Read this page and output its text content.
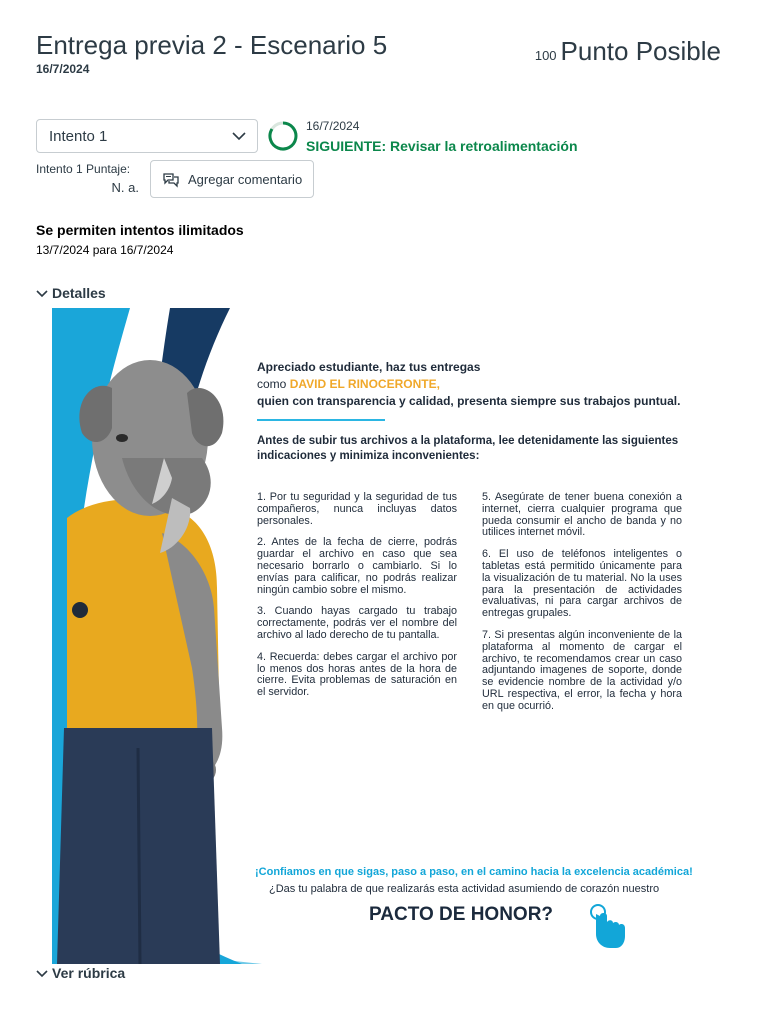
Entrega previa 2 - Escenario 5
16/7/2024
100 Punto Posible
Intento 1
16/7/2024
SIGUIENTE: Revisar la retroalimentación
Intento 1 Puntaje:
N. a.
Agregar comentario
Se permiten intentos ilimitados
13/7/2024 para 16/7/2024
Detalles
Apreciado estudiante, haz tus entregas
como DAVID EL RINOCERONTE,
quien con transparencia y calidad, presenta siempre sus trabajos puntual.
Antes de subir tus archivos a la plataforma, lee detenidamente las siguientes indicaciones y minimiza inconvenientes:

1. Por tu seguridad y la seguridad de tus compañeros, nunca incluyas datos personales.

2. Antes de la fecha de cierre, podrás guardar el archivo en caso que sea necesario borrarlo o cambiarlo. Si lo envías para calificar, no podrás realizar ningún cambio sobre el mismo.

3. Cuando hayas cargado tu trabajo correctamente, podrás ver el nombre del archivo al lado derecho de tu pantalla.

4. Recuerda: debes cargar el archivo por lo menos dos horas antes de la hora de cierre. Evita problemas de saturación en el servidor.

5. Asegúrate de tener buena conexión a internet, cierra cualquier programa que pueda consumir el ancho de banda y no utilices internet móvil.

6. El uso de teléfonos inteligentes o tabletas está permitido únicamente para la visualización de tu material. No la uses para la presentación de actividades evaluativas, ni para cargar archivos de entregas grupales.

7. Si presentas algún inconveniente de la plataforma al momento de cargar el archivo, te recomendamos crear un caso adjuntando imagenes de soporte, donde se evidencie nombre de la actividad y/o URL respectiva, el error, la fecha y hora en que ocurrió.

¡Confiamos en que sigas, paso a paso, en el camino hacia la excelencia académica!
¿Das tu palabra de que realizarás esta actividad asumiendo de corazón nuestro
PACTO DE HONOR?
Ver rúbrica
